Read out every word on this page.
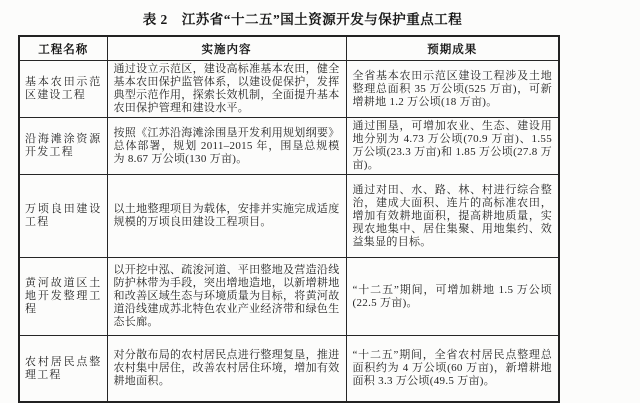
表 2　江苏省“十二五”国土资源开发与保护重点工程
工程名称	实施内容	预期成果
基本农田示范区建设工程	通过设立示范区，建设高标准基本农田，健全基本农田保护监管体系，以建设促保护，发挥典型示范作用，探索长效机制，全面提升基本农田保护管理和建设水平。	全省基本农田示范区建设工程涉及土地整理总面积 35 万公顷(525 万亩)，可新增耕地 1.2 万公顷(18 万亩)。
沿海滩涂资源开发工程	按照《江苏沿海滩涂围垦开发利用规划纲要》总体部署，规划 2011–2015 年，围垦总规模为 8.67 万公顷(130 万亩)。	通过围垦，可增加农业、生态、建设用地分别为 4.73 万公顷(70.9 万亩)、1.55 万公顷(23.3 万亩)和 1.85 万公顷(27.8 万亩)。
万顷良田建设工程	以土地整理项目为载体，安排并实施完成适度规模的万顷良田建设工程项目。	通过对田、水、路、林、村进行综合整治，建成大面积、连片的高标准农田，增加有效耕地面积，提高耕地质量，实现农地集中、居住集聚、用地集约、效益集显的目标。
黄河故道区土地开发整理工程	以开挖中泓、疏浚河道、平田整地及营造沿线防护林带为手段，突出增地造地，以新增耕地和改善区域生态与环境质量为目标，将黄河故道沿线建成苏北特色农业产业经济带和绿色生态长廊。	“十二五”期间，可增加耕地 1.5 万公顷(22.5 万亩)。
农村居民点整理工程	对分散布局的农村居民点进行整理复垦，推进农村集中居住，改善农村居住环境，增加有效耕地面积。	“十二五”期间，全省农村居民点整理总面积约为 4 万公顷(60 万亩)，新增耕地面积 3.3 万公顷(49.5 万亩)。
